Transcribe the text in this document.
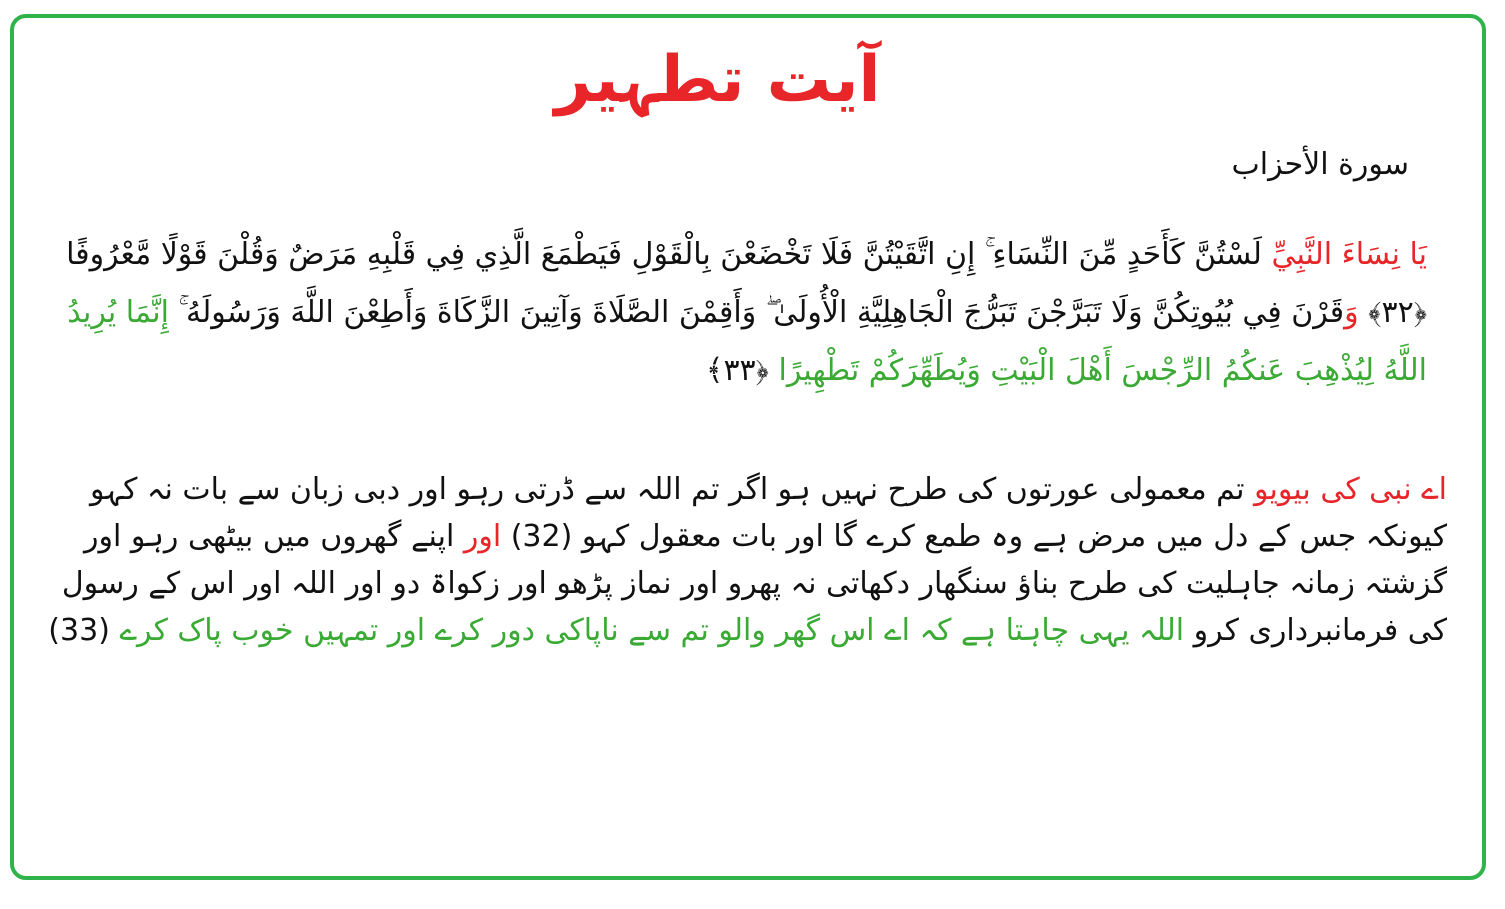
آیت تطہیر
سورة الأحزاب
يَا نِسَاءَ النَّبِيِّ لَسْتُنَّ كَأَحَدٍ مِّنَ النِّسَاءِ ۚ إِنِ اتَّقَيْتُنَّ فَلَا تَخْضَعْنَ بِالْقَوْلِ فَيَطْمَعَ الَّذِي فِي قَلْبِهِ مَرَضٌ وَقُلْنَ قَوْلًا مَّعْرُوفًا ﴿٣٢﴾ وَقَرْنَ فِي بُيُوتِكُنَّ وَلَا تَبَرَّجْنَ تَبَرُّجَ الْجَاهِلِيَّةِ الْأُولَىٰ ۖ وَأَقِمْنَ الصَّلَاةَ وَآتِينَ الزَّكَاةَ وَأَطِعْنَ اللَّهَ وَرَسُولَهُ ۚ إِنَّمَا يُرِيدُ اللَّهُ لِيُذْهِبَ عَنكُمُ الرِّجْسَ أَهْلَ الْبَيْتِ وَيُطَهِّرَكُمْ تَطْهِيرًا ﴿٣٣﴾
اے نبی کی بیویو تم معمولی عورتوں کی طرح نہیں ہو اگر تم اللہ سے ڈرتی رہو اور دبی زبان سے بات نہ کہو کیونکہ جس کے دل میں مرض ہے وہ طمع کرے گا اور بات معقول کہو (32) اور اپنے گھروں میں بیٹھی رہو اور گزشتہ زمانہ جاہلیت کی طرح بناؤ سنگھار دکھاتی نہ پھرو اور نماز پڑھو اور زکواۃ دو اور اللہ اور اس کے رسول کی فرمانبرداری کرو اللہ یہی چاہتا ہے کہ اے اس گھر والو تم سے ناپاکی دور کرے اور تمہیں خوب پاک کرے (33)
